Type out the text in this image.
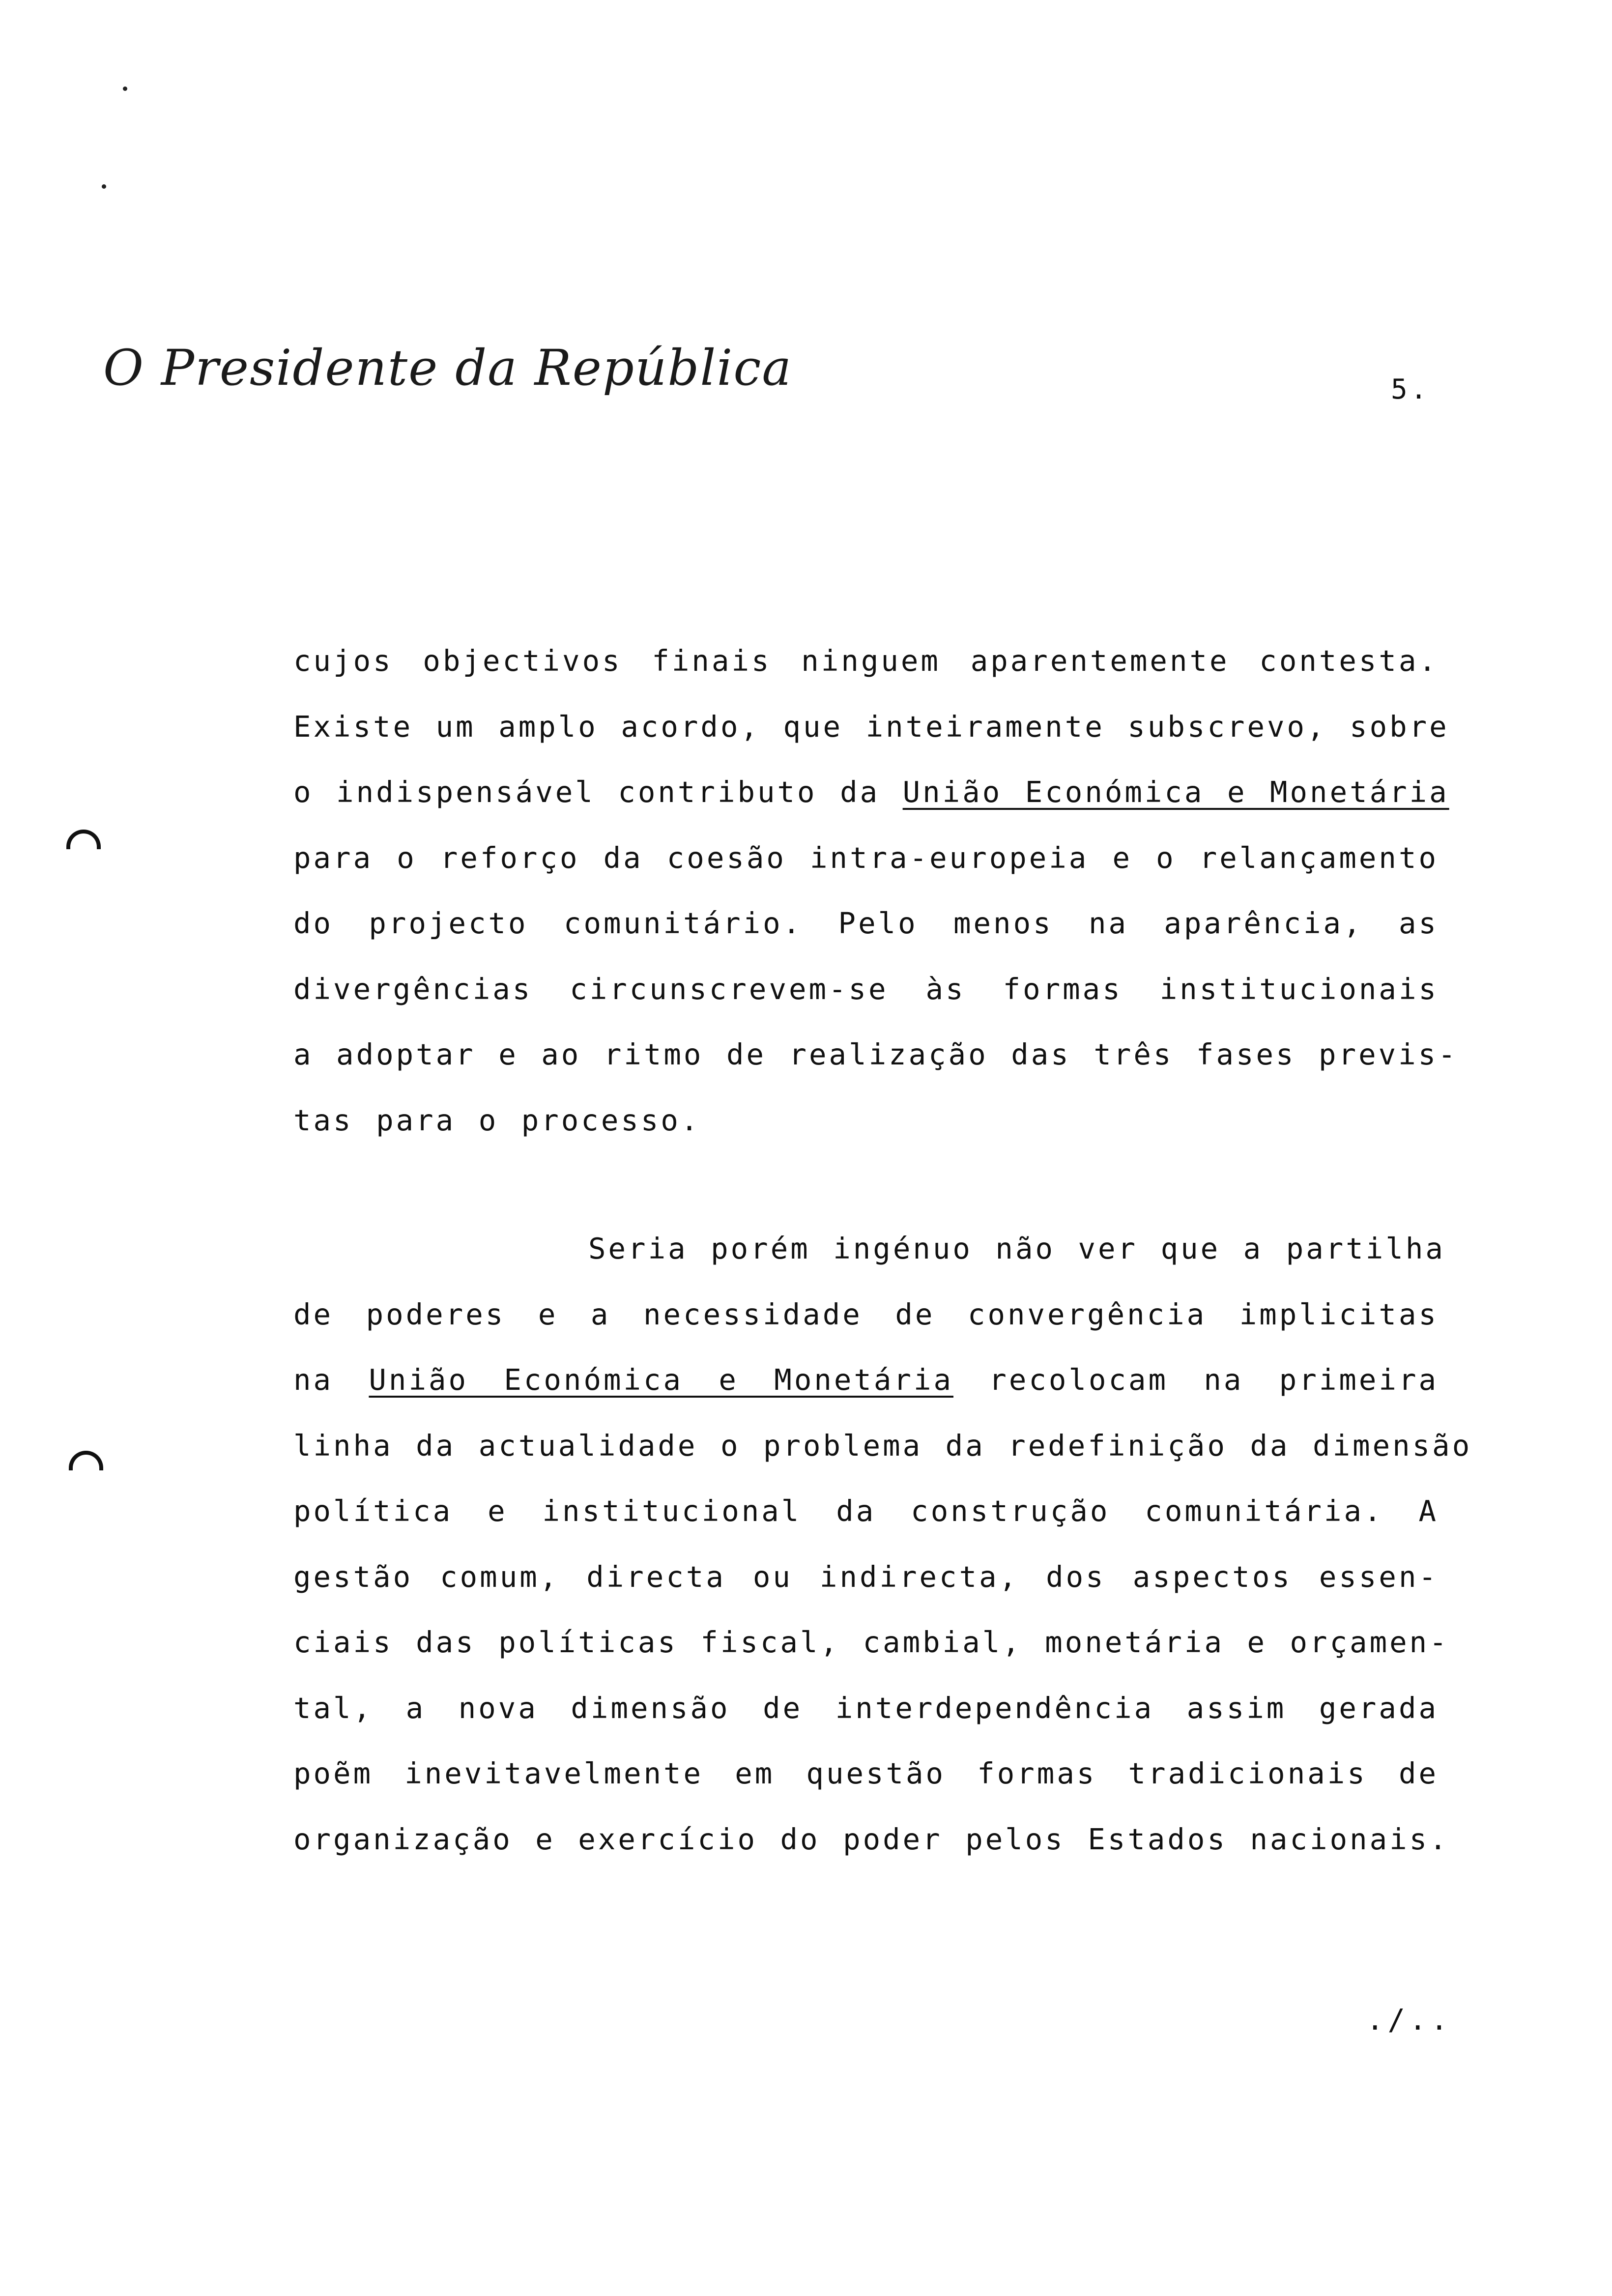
O Presidente da República	5.
cujos objectivos finais ninguem aparentemente contesta.
Existe um amplo acordo, que inteiramente subscrevo, sobre
o indispensável contributo da União Económica e Monetária
para o reforço da coesão intra-europeia e o relançamento
do projecto comunitário. Pelo menos na aparência, as
divergências circunscrevem-se às formas institucionais
a adoptar e ao ritmo de realização das três fases previs-
tas para o processo.
Seria porém ingénuo não ver que a partilha
de poderes e a necessidade de convergência implicitas
na União Económica e Monetária recolocam na primeira
linha da actualidade o problema da redefinição da dimensão
política e institucional da construção comunitária. A
gestão comum, directa ou indirecta, dos aspectos essen-
ciais das políticas fiscal, cambial, monetária e orçamen-
tal, a nova dimensão de interdependência assim gerada
poẽm inevitavelmente em questão formas tradicionais de
organização e exercício do poder pelos Estados nacionais.
./..
